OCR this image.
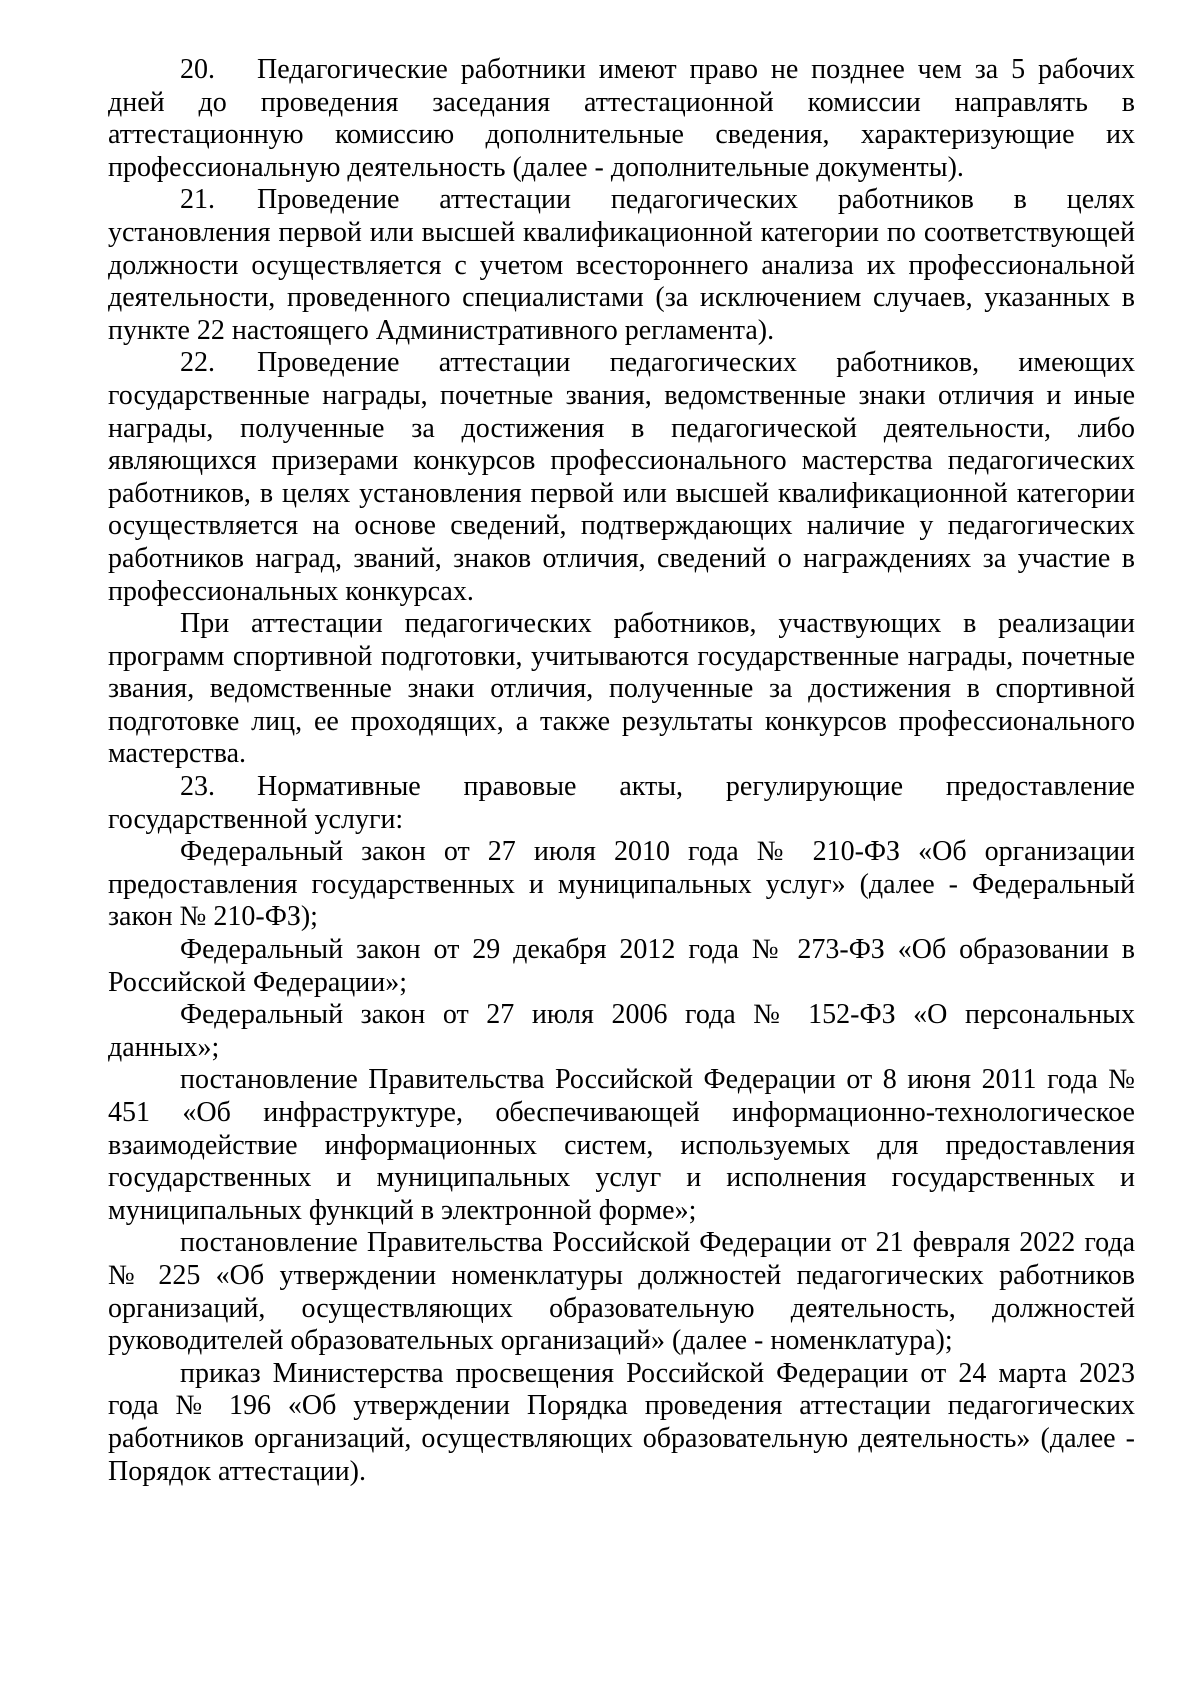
20. Педагогические работники имеют право не позднее чем за 5 рабочих дней до проведения заседания аттестационной комиссии направлять в аттестационную комиссию дополнительные сведения, характеризующие их профессиональную деятельность (далее - дополнительные документы).

21. Проведение аттестации педагогических работников в целях установления первой или высшей квалификационной категории по соответствующей должности осуществляется с учетом всестороннего анализа их профессиональной деятельности, проведенного специалистами (за исключением случаев, указанных в пункте 22 настоящего Административного регламента).

22. Проведение аттестации педагогических работников, имеющих государственные награды, почетные звания, ведомственные знаки отличия и иные награды, полученные за достижения в педагогической деятельности, либо являющихся призерами конкурсов профессионального мастерства педагогических работников, в целях установления первой или высшей квалификационной категории осуществляется на основе сведений, подтверждающих наличие у педагогических работников наград, званий, знаков отличия, сведений о награждениях за участие в профессиональных конкурсах.

При аттестации педагогических работников, участвующих в реализации программ спортивной подготовки, учитываются государственные награды, почетные звания, ведомственные знаки отличия, полученные за достижения в спортивной подготовке лиц, ее проходящих, а также результаты конкурсов профессионального мастерства.

23. Нормативные правовые акты, регулирующие предоставление государственной услуги:

Федеральный закон от 27 июля 2010 года № 210-ФЗ «Об организации предоставления государственных и муниципальных услуг» (далее - Федеральный закон № 210-ФЗ);

Федеральный закон от 29 декабря 2012 года № 273-ФЗ «Об образовании в Российской Федерации»;

Федеральный закон от 27 июля 2006 года № 152-ФЗ «О персональных данных»;

постановление Правительства Российской Федерации от 8 июня 2011 года № 451 «Об инфраструктуре, обеспечивающей информационно-технологическое взаимодействие информационных систем, используемых для предоставления государственных и муниципальных услуг и исполнения государственных и муниципальных функций в электронной форме»;

постановление Правительства Российской Федерации от 21 февраля 2022 года № 225 «Об утверждении номенклатуры должностей педагогических работников организаций, осуществляющих образовательную деятельность, должностей руководителей образовательных организаций» (далее - номенклатура);

приказ Министерства просвещения Российской Федерации от 24 марта 2023 года № 196 «Об утверждении Порядка проведения аттестации педагогических работников организаций, осуществляющих образовательную деятельность» (далее - Порядок аттестации).
